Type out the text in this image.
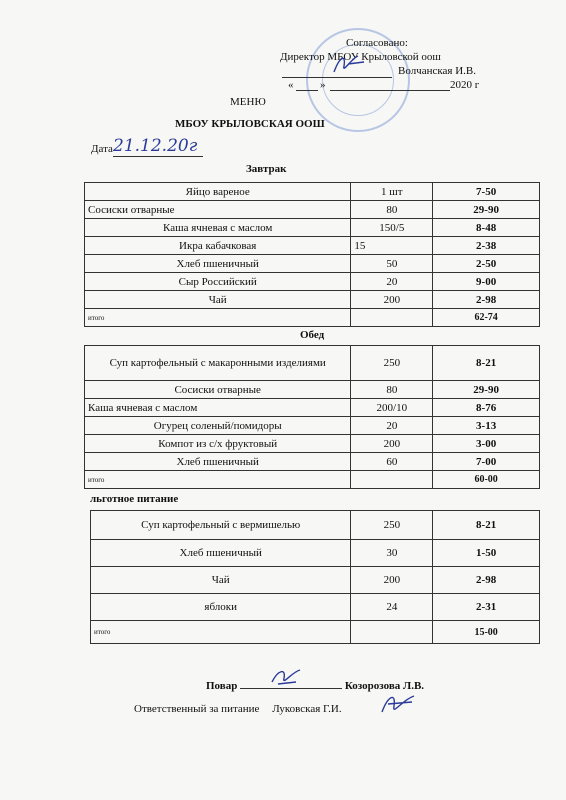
Согласовано:
Директор МБОУ Крыловской оош
Волчанская И.В.
« »	2020 г
МЕНЮ
МБОУ КРЫЛОВСКАЯ ООШ
Дата 21.12.20г
Завтрак
Яйцо вареное	1 шт	7-50
Сосиски отварные	80	29-90
Каша ячневая с маслом	150/5	8-48
Икра кабачковая	15	2-38
Хлеб пшеничный	50	2-50
Сыр Российский	20	9-00
Чай	200	2-98
итого		62-74
Обед
Суп картофельный с макаронными изделиями	250	8-21
Сосиски отварные	80	29-90
Каша ячневая с маслом	200/10	8-76
Огурец соленый/помидоры	20	3-13
Компот из с/х фруктовый	200	3-00
Хлеб пшеничный	60	7-00
итого		60-00
льготное питание
Суп картофельный с вермишелью	250	8-21
Хлеб пшеничный	30	1-50
Чай	200	2-98
яблоки	24	2-31
итого		15-00
Повар	Козорозова Л.В.
Ответственный за питание Луковская Г.И.
